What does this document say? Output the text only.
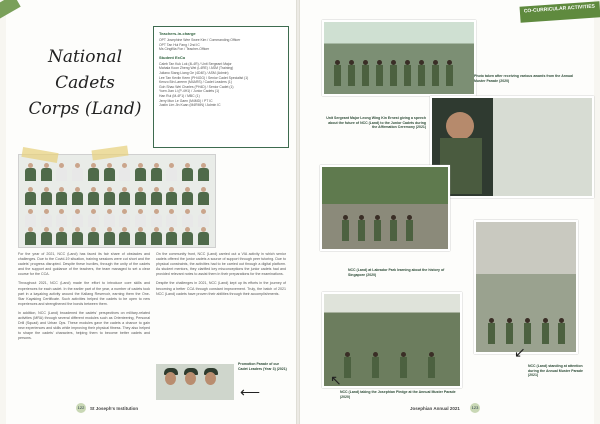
CO-CURRICULAR ACTIVITIES
National Cadets
Corps (Land)
Teachers-in-charge

OPT Josephine Wee Swee Kim / Commanding Officer

OPT Tan Hui Fang / 2nd IC

Ms Cingfilia Fon / Teacher-Officer

Student ExCo

Caleb Tan Kuk Lok (4L4R) / Unit Sergeant Major

Mahala Koon Zheng Wei (L4RE) / ASM (Training)

Juliano Siang Liang Ge (4D4E) / ASM (Admin)

Lee Tan Kevlin Keen (PH4GG) / Senior Cadet Specialist (1)

Kenzo Bin Lareem (M4ARS) / Cadet Leaders (1)

Goh Shao Wei Charles (PH4D) / Senior Cadet (1)

Yuen Jian Li (P-4H1) / Junior Cadets (1)

Han Rui (M-4F1) / MBC (1)

Jerry Mun Le Gaen (M4MD) / PT IC

Justin Lim Jin Kuan (M4RMN) / Admin IC

For the year of 2021, NCC (Land) has faced its fair share of obstacles and challenges. Due to the Covid-19 situation, training sessions were cut short and the cadets' progress disrupted. Despite these hurdles, through the unity of the cadets and the support and guidance of the teachers, the team managed to set a clear course for the CCA.

Throughout 2021, NCC (Land) made the effort to introduce core skills and experiences for each cadet. In the earlier part of the year, a number of cadets took part in a kayaking activity around the Kallang Reservoir, earning them the One-Star Kayaking Certificate. Such activities helped the cadets to be open to new experiences and strengthened the bonds between them.

In addition, NCC (Land) broadened the cadets' perspectives on military-related activities (MRA) through several different modules such as Orienteering, Personal Drill (Squad) and Urban Ops. These modules gave the cadets a chance to gain new experiences and skills while improving their physical fitness. They also helped to shape the cadets' characters, helping them to become better cadets and persons.

On the community front, NCC (Land) carried out a VIA activity in which senior cadets offered the junior cadets a source of support through peer tutoring. Due to physical constraints, the activities had to be carried out through a digital platform. As student mentors, they clarified key misconceptions the junior cadets had and provided relevant notes to assist them in their preparations for the examinations.

Despite the challenges in 2021, NCC (Land) kept up its efforts in the journey of becoming a better CCA through constant improvement. Truly, the batch of 2021 NCC (Land) cadets have proven their abilities through their accomplishments.

Promotion Parade of our Cadet Leaders (Year 3) (2021)
⟵
Photo taken after receiving various awards from the Annual Muster Parade (2020)
Unit Sergeant Major Leong Wing Kin Ernest giving a speech about the future of NCC (Land) to the Junior Cadets during the Affirmation Ceremony (2021)
NCC (Land) at Labrador Park learning about the history of Singapore (2020)
NCC (Land) standing at attention during the Annual Muster Parade (2021)
↙
NCC (Land) taking the Josephian Pledge at the Annual Muster Parade (2020)
↖
122	St Joseph's Institution	Josephian Annual 2021	123
